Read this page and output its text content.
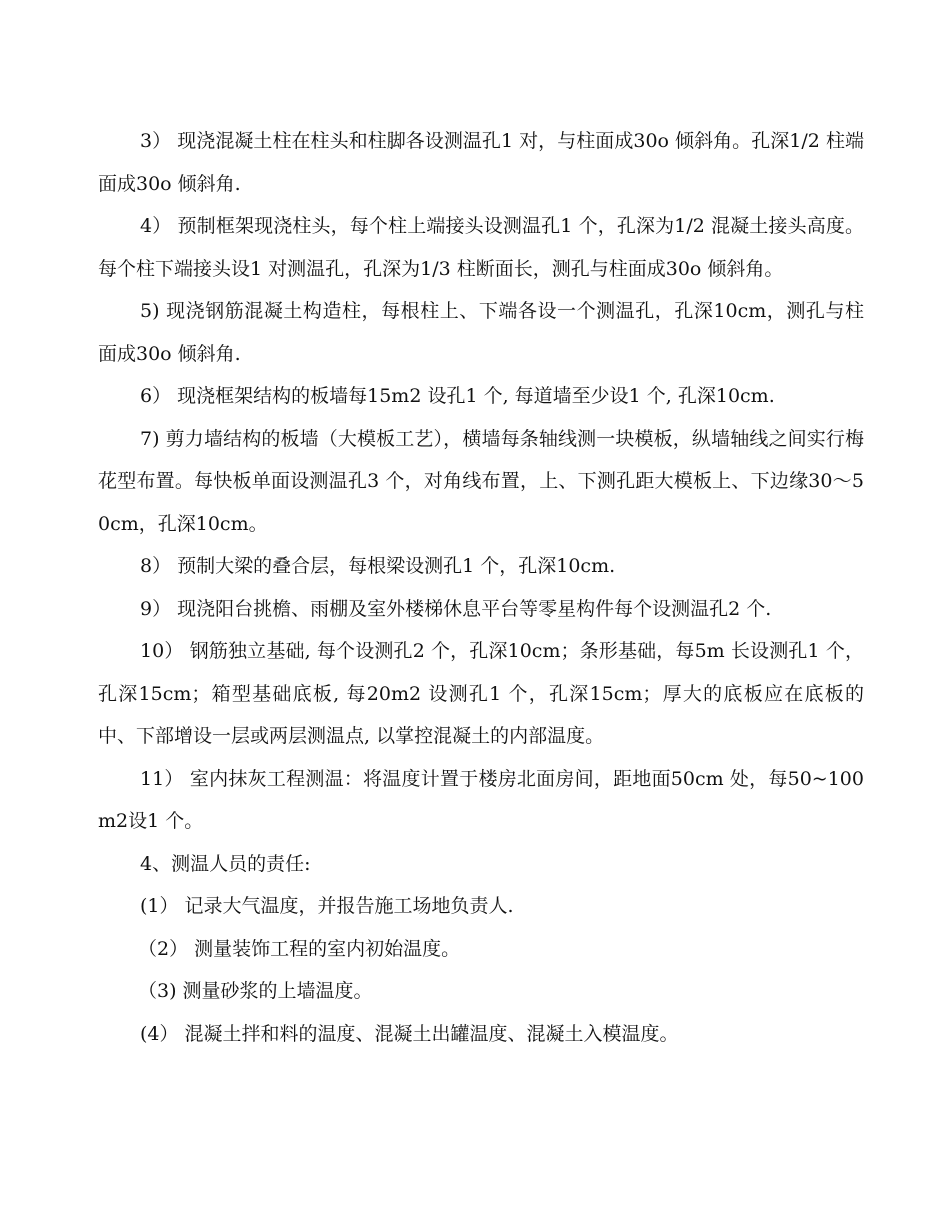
3） 现浇混凝土柱在柱头和柱脚各设测温孔1 对，与柱面成30o 倾斜角。孔深1/2 柱端面成30o 倾斜角.

4） 预制框架现浇柱头，每个柱上端接头设测温孔1 个，孔深为1/2 混凝土接头高度。每个柱下端接头设1 对测温孔，孔深为1/3 柱断面长，测孔与柱面成30o 倾斜角。

5) 现浇钢筋混凝土构造柱，每根柱上、下端各设一个测温孔，孔深10cm，测孔与柱面成30o 倾斜角.

6） 现浇框架结构的板墙每15m2 设孔1 个, 每道墙至少设1 个, 孔深10cm.

7) 剪力墙结构的板墙（大模板工艺），横墙每条轴线测一块模板，纵墙轴线之间实行梅花型布置。每快板单面设测温孔3 个，对角线布置，上、下测孔距大模板上、下边缘30～50cm，孔深10cm。

8） 预制大梁的叠合层，每根梁设测孔1 个，孔深10cm.

9） 现浇阳台挑檐、雨棚及室外楼梯休息平台等零星构件每个设测温孔2 个.

10） 钢筋独立基础, 每个设测孔2 个，孔深10cm；条形基础，每5m 长设测孔1 个，孔深15cm；箱型基础底板, 每20m2 设测孔1 个，孔深15cm；厚大的底板应在底板的中、下部增设一层或两层测温点, 以掌控混凝土的内部温度。

11） 室内抹灰工程测温：将温度计置于楼房北面房间，距地面50cm 处，每50~100m2设1 个。

4、测温人员的责任:

(1） 记录大气温度，并报告施工场地负责人.

（2） 测量装饰工程的室内初始温度。

（3) 测量砂浆的上墙温度。

(4） 混凝土拌和料的温度、混凝土出罐温度、混凝土入模温度。
